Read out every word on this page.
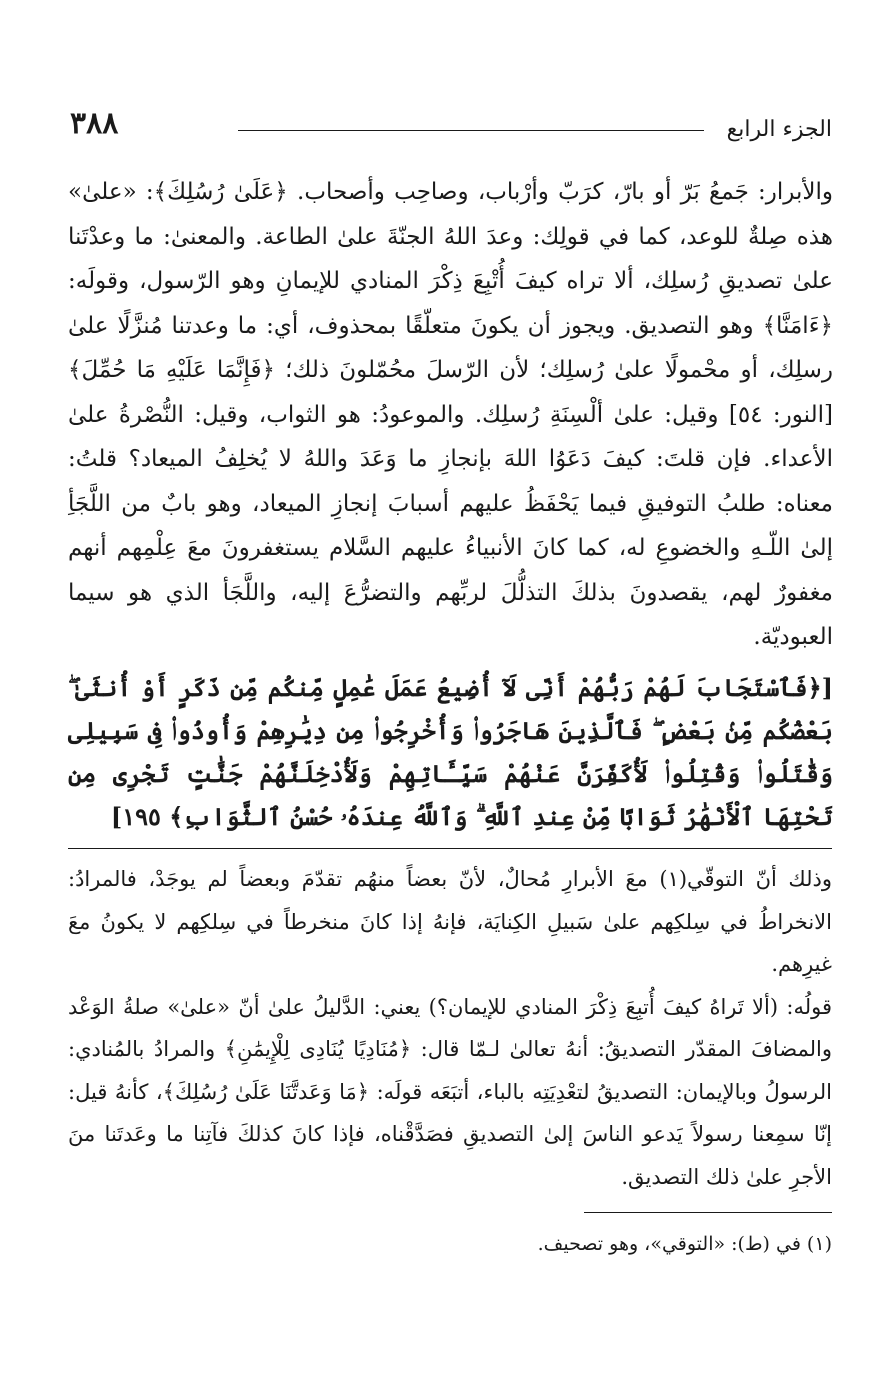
٣٨٨	الجزء الرابع

والأبرار: جَمعُ بَرّ أو بارّ، كرَبّ وأرْباب، وصاحِب وأصحاب. ﴿عَلَىٰ رُسُلِكَ﴾: «علىٰ» هذه صِلةٌ للوعد، كما في قولِك: وعدَ اللهُ الجنّةَ علىٰ الطاعة. والمعنىٰ: ما وعدْتَنا علىٰ تصديقِ رُسلِك، ألا تراه كيفَ أُتْبِعَ ذِكْرَ المنادي للإيمانِ وهو الرّسول، وقولَه: ﴿ءَامَنَّا﴾ وهو التصديق. ويجوز أن يكونَ متعلّقًا بمحذوف، أي: ما وعدتنا مُنزَّلًا علىٰ رسلِك، أو محْمولًا علىٰ رُسلِك؛ لأن الرّسلَ محُمّلونَ ذلك؛ ﴿فَإِنَّمَا عَلَيْهِ مَا حُمِّلَ﴾ [النور: ٥٤] وقيل: علىٰ ألْسِنَةِ رُسلِك. والموعودُ: هو الثواب، وقيل: النُّصْرةُ علىٰ الأعداء. فإن قلتَ: كيفَ دَعَوُا اللهَ بإنجازِ ما وَعَدَ واللهُ لا يُخلِفُ الميعاد؟ قلتُ: معناه: طلبُ التوفيقِ فيما يَحْفَظُ عليهم أسبابَ إنجازِ الميعاد، وهو بابٌ من اللَّجَأِ إلىٰ اللّـهِ والخضوعِ له، كما كانَ الأنبياءُ عليهم السَّلام يستغفرونَ معَ عِلْمِهم أنهم مغفورٌ لهم، يقصدونَ بذلكَ التذلُّلَ لربِّهم والتضرُّعَ إليه، واللَّجَأ الذي هو سيما العبوديّة.

[﴿فَٱسْتَجَابَ لَهُمْ رَبُّهُمْ أَنِّى لَآ أُضِيعُ عَمَلَ عَٰمِلٍ مِّنكُم مِّن ذَكَرٍ أَوْ أُنثَىٰ ۖ بَعْضُكُم مِّنۢ بَعْضٍ ۖ فَٱلَّذِينَ هَاجَرُوا۟ وَأُخْرِجُوا۟ مِن دِيَٰرِهِمْ وَأُوذُوا۟ فِى سَبِيلِى وَقَٰتَلُوا۟ وَقُتِلُوا۟ لَأُكَفِّرَنَّ عَنْهُمْ سَيِّـَٔاتِهِمْ وَلَأُدْخِلَنَّهُمْ جَنَّٰتٍ تَجْرِى مِن تَحْتِهَا ٱلْأَنْهَٰرُ ثَوَابًا مِّنْ عِندِ ٱللَّهِ ۗ وَٱللَّهُ عِندَهُۥ حُسْنُ ٱلثَّوَابِ﴾ ١٩٥]

وذلك أنّ التوقّي(١) معَ الأبرارِ مُحالٌ، لأنّ بعضاً منهُم تقدّمَ وبعضاً لم يوجَدْ، فالمرادُ: الانخراطُ في سِلكِهم علىٰ سَبيلِ الكِنايَة، فإنهُ إذا كانَ منخرطاً في سِلكِهم لا يكونُ معَ غيرِهم.

قولُه: (ألا تَراهُ كيفَ أُتبِعَ ذِكْرَ المنادي للإيمان؟) يعني: الدَّليلُ علىٰ أنّ «علىٰ» صلةُ الوَعْد والمضافَ المقدّر التصديقُ: أنهُ تعالىٰ لـمّا قال: ﴿مُنَادِيًا يُنَادِى لِلْإِيمَٰنِ﴾ والمرادُ بالمُنادي: الرسولُ وبالإيمان: التصديقُ لتعْدِيَتِه بالباء، أتبَعَه قولَه: ﴿مَا وَعَدتَّنَا عَلَىٰ رُسُلِكَ﴾، كأنهُ قيل: إنّا سمِعنا رسولاً يَدعو الناسَ إلىٰ التصديقِ فصَدَّقْناه، فإذا كانَ كذلكَ فآتِنا ما وعَدتَنا منَ الأجرِ علىٰ ذلك التصديق.

(١) في (ط): «التوقي»، وهو تصحيف.
